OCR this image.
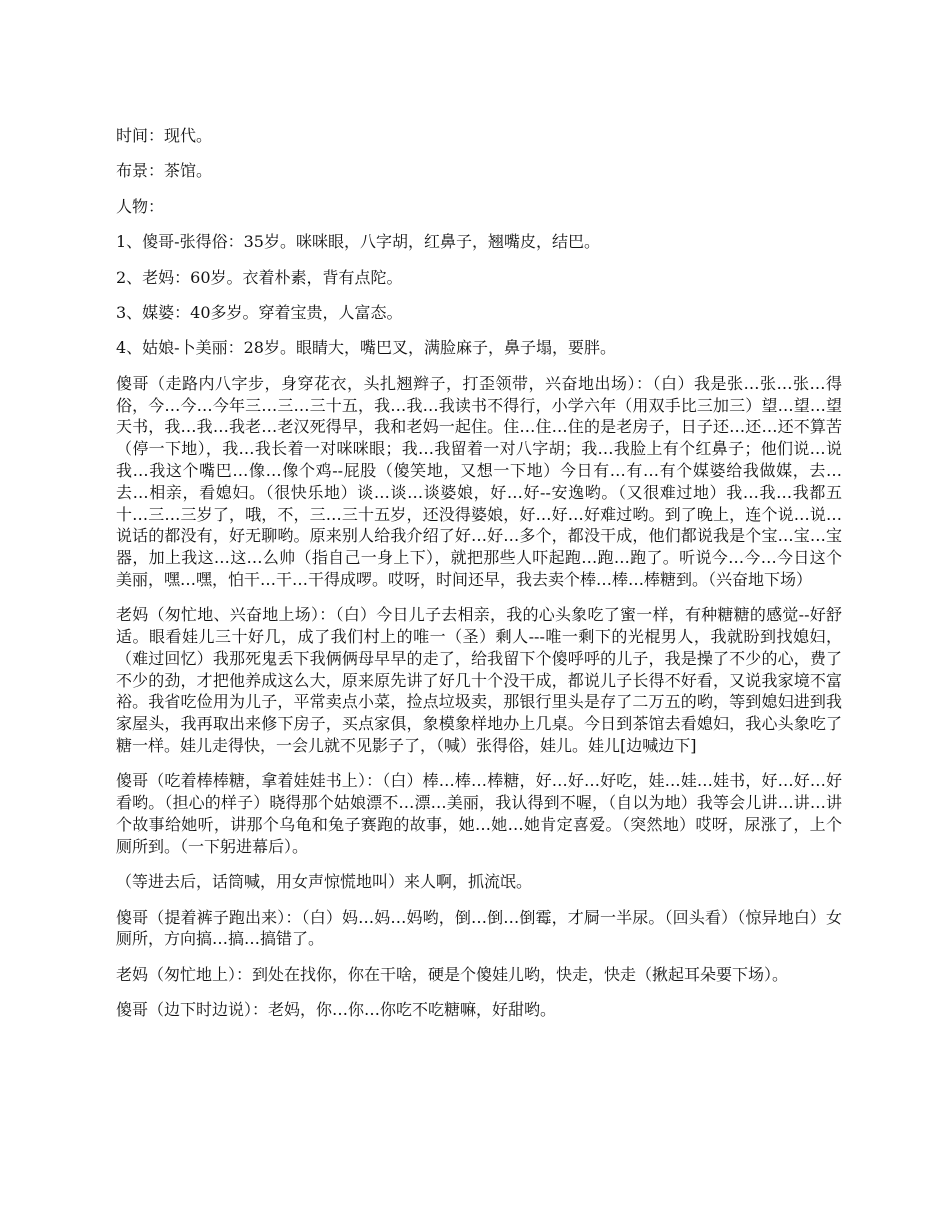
时间：现代。

布景：茶馆。

人物：

1、傻哥-张得俗：35岁。咪咪眼，八字胡，红鼻子，翘嘴皮，结巴。

2、老妈：60岁。衣着朴素，背有点陀。

3、媒婆：40多岁。穿着宝贵，人富态。

4、姑娘-卜美丽：28岁。眼睛大，嘴巴叉，满脸麻子，鼻子塌，要胖。

傻哥（走路内八字步，身穿花衣，头扎翘辫子，打歪领带，兴奋地出场）：（白）我是张…张…张…得俗，今…今…今年三…三…三十五，我…我…我读书不得行，小学六年（用双手比三加三）望…望…望天书，我…我…我老…老汉死得早，我和老妈一起住。住…住…住的是老房子，日子还…还…还不算苦（停一下地），我…我长着一对咪咪眼；我…我留着一对八字胡；我…我脸上有个红鼻子；他们说…说我…我这个嘴巴…像…像个鸡--屁股（傻笑地，又想一下地）今日有…有…有个媒婆给我做媒，去…去…相亲，看媳妇。（很快乐地）谈…谈…谈婆娘，好…好--安逸哟。（又很难过地）我…我…我都五十…三…三岁了，哦，不，三…三十五岁，还没得婆娘，好…好…好难过哟。到了晚上，连个说…说…说话的都没有，好无聊哟。原来别人给我介绍了好…好…多个，都没干成，他们都说我是个宝…宝…宝器，加上我这…这…么帅（指自己一身上下），就把那些人吓起跑…跑…跑了。听说今…今…今日这个美丽，嘿…嘿，怕干…干…干得成啰。哎呀，时间还早，我去卖个棒…棒…棒糖到。（兴奋地下场）

老妈（匆忙地、兴奋地上场）：（白）今日儿子去相亲，我的心头象吃了蜜一样，有种糖糖的感觉--好舒适。眼看娃儿三十好几，成了我们村上的唯一（圣）剩人---唯一剩下的光棍男人，我就盼到找媳妇，（难过回忆）我那死鬼丢下我俩俩母早早的走了，给我留下个傻呼呼的儿子，我是操了不少的心，费了不少的劲，才把他养成这么大，原来原先讲了好几十个没干成，都说儿子长得不好看，又说我家境不富裕。我省吃俭用为儿子，平常卖点小菜，捡点垃圾卖，那银行里头是存了二万五的哟，等到媳妇进到我家屋头，我再取出来修下房子，买点家俱，象模象样地办上几桌。今日到茶馆去看媳妇，我心头象吃了糖一样。娃儿走得快，一会儿就不见影子了，（喊）张得俗，娃儿。娃儿[边喊边下]

傻哥（吃着棒棒糖，拿着娃娃书上）：（白）棒…棒…棒糖，好…好…好吃，娃…娃…娃书，好…好…好看哟。（担心的样子）晓得那个姑娘漂不…漂…美丽，我认得到不喔，（自以为地）我等会儿讲…讲…讲个故事给她听，讲那个乌龟和兔子赛跑的故事，她…她…她肯定喜爱。（突然地）哎呀，尿涨了，上个厕所到。（一下躬进幕后）。

（等进去后，话筒喊，用女声惊慌地叫）来人啊，抓流氓。

傻哥（提着裤子跑出来）：（白）妈…妈…妈哟，倒…倒…倒霉，才屙一半尿。（回头看）（惊异地白）女厕所，方向搞…搞…搞错了。

老妈（匆忙地上）：到处在找你，你在干啥，硬是个傻娃儿哟，快走，快走（揪起耳朵要下场）。

傻哥（边下时边说）：老妈，你…你…你吃不吃糖嘛，好甜哟。
